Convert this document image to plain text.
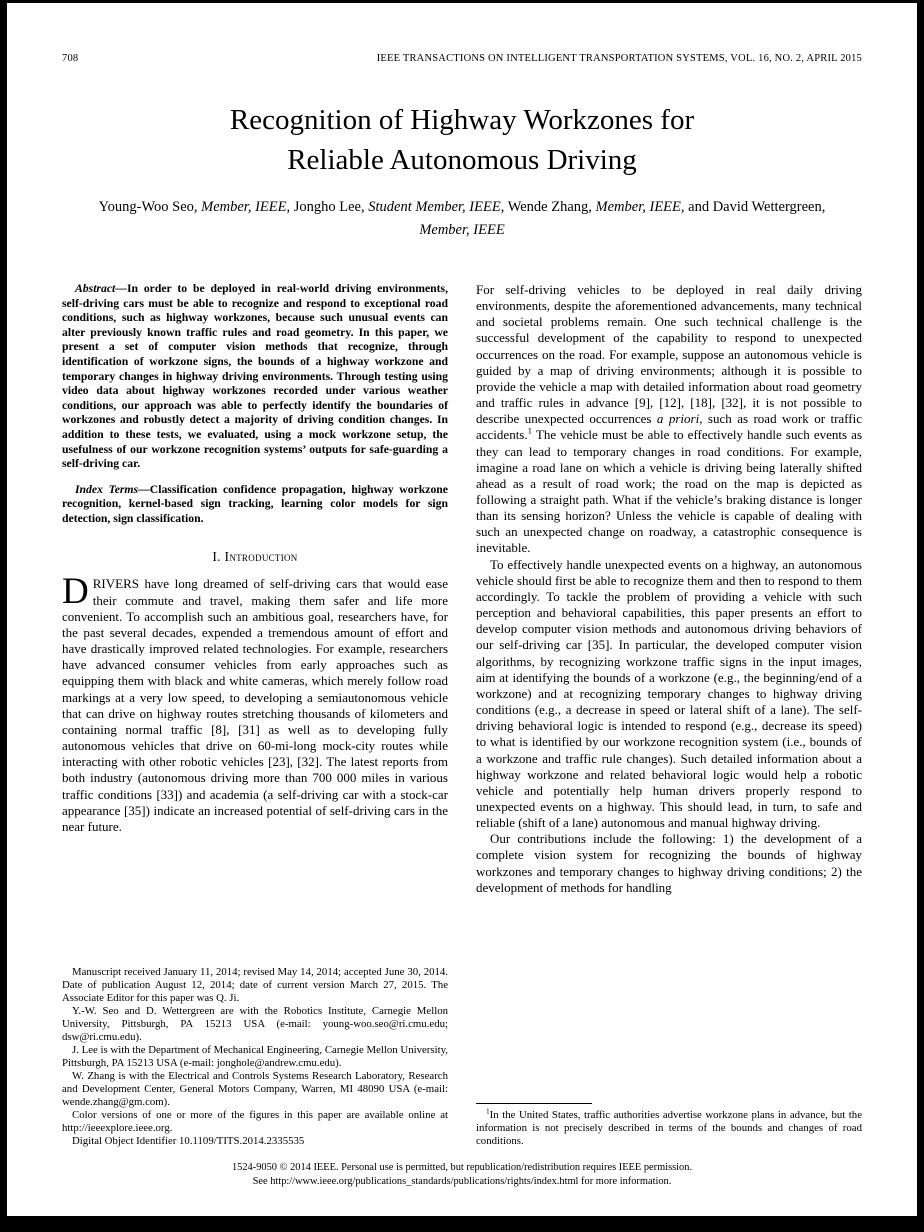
708	IEEE TRANSACTIONS ON INTELLIGENT TRANSPORTATION SYSTEMS, VOL. 16, NO. 2, APRIL 2015
Recognition of Highway Workzones for
Reliable Autonomous Driving
Young-Woo Seo, Member, IEEE, Jongho Lee, Student Member, IEEE, Wende Zhang, Member, IEEE, and David Wettergreen, Member, IEEE

Abstract—In order to be deployed in real-world driving environments, self-driving cars must be able to recognize and respond to exceptional road conditions, such as highway workzones, because such unusual events can alter previously known traffic rules and road geometry. In this paper, we present a set of computer vision methods that recognize, through identification of workzone signs, the bounds of a highway workzone and temporary changes in highway driving environments. Through testing using video data about highway workzones recorded under various weather conditions, our approach was able to perfectly identify the boundaries of workzones and robustly detect a majority of driving condition changes. In addition to these tests, we evaluated, using a mock workzone setup, the usefulness of our workzone recognition systems’ outputs for safe-guarding a self-driving car.

Index Terms—Classification confidence propagation, highway workzone recognition, kernel-based sign tracking, learning color models for sign detection, sign classification.

I. Introduction

DRIVERS have long dreamed of self-driving cars that would ease their commute and travel, making them safer and life more convenient. To accomplish such an ambitious goal, researchers have, for the past several decades, expended a tremendous amount of effort and have drastically improved related technologies. For example, researchers have advanced consumer vehicles from early approaches such as equipping them with black and white cameras, which merely follow road markings at a very low speed, to developing a semiautonomous vehicle that can drive on highway routes stretching thousands of kilometers and containing normal traffic [8], [31] as well as to developing fully autonomous vehicles that drive on 60-mi-long mock-city routes while interacting with other robotic vehicles [23], [32]. The latest reports from both industry (autonomous driving more than 700 000 miles in various traffic conditions [33]) and academia (a self-driving car with a stock-car appearance [35]) indicate an increased potential of self-driving cars in the near future.

Manuscript received January 11, 2014; revised May 14, 2014; accepted June 30, 2014. Date of publication August 12, 2014; date of current version March 27, 2015. The Associate Editor for this paper was Q. Ji.

Y.-W. Seo and D. Wettergreen are with the Robotics Institute, Carnegie Mellon University, Pittsburgh, PA 15213 USA (e-mail: young-woo.seo@ri.cmu.edu; dsw@ri.cmu.edu).

J. Lee is with the Department of Mechanical Engineering, Carnegie Mellon University, Pittsburgh, PA 15213 USA (e-mail: jonghole@andrew.cmu.edu).

W. Zhang is with the Electrical and Controls Systems Research Laboratory, Research and Development Center, General Motors Company, Warren, MI 48090 USA (e-mail: wende.zhang@gm.com).

Color versions of one or more of the figures in this paper are available online at http://ieeexplore.ieee.org.

Digital Object Identifier 10.1109/TITS.2014.2335535

For self-driving vehicles to be deployed in real daily driving environments, despite the aforementioned advancements, many technical and societal problems remain. One such technical challenge is the successful development of the capability to respond to unexpected occurrences on the road. For example, suppose an autonomous vehicle is guided by a map of driving environments; although it is possible to provide the vehicle a map with detailed information about road geometry and traffic rules in advance [9], [12], [18], [32], it is not possible to describe unexpected occurrences a priori, such as road work or traffic accidents.$^1$ The vehicle must be able to effectively handle such events as they can lead to temporary changes in road conditions. For example, imagine a road lane on which a vehicle is driving being laterally shifted ahead as a result of road work; the road on the map is depicted as following a straight path. What if the vehicle’s braking distance is longer than its sensing horizon? Unless the vehicle is capable of dealing with such an unexpected change on roadway, a catastrophic consequence is inevitable.

To effectively handle unexpected events on a highway, an autonomous vehicle should first be able to recognize them and then to respond to them accordingly. To tackle the problem of providing a vehicle with such perception and behavioral capabilities, this paper presents an effort to develop computer vision methods and autonomous driving behaviors of our self-driving car [35]. In particular, the developed computer vision algorithms, by recognizing workzone traffic signs in the input images, aim at identifying the bounds of a workzone (e.g., the beginning/end of a workzone) and at recognizing temporary changes to highway driving conditions (e.g., a decrease in speed or lateral shift of a lane). The self-driving behavioral logic is intended to respond (e.g., decrease its speed) to what is identified by our workzone recognition system (i.e., bounds of a workzone and traffic rule changes). Such detailed information about a highway workzone and related behavioral logic would help a robotic vehicle and potentially help human drivers properly respond to unexpected events on a highway. This should lead, in turn, to safe and reliable (shift of a lane) autonomous and manual highway driving.

Our contributions include the following: 1) the development of a complete vision system for recognizing the bounds of highway workzones and temporary changes to highway driving conditions; 2) the development of methods for handling

$^1$In the United States, traffic authorities advertise workzone plans in advance, but the information is not precisely described in terms of the bounds and changes of road conditions.

1524-9050 © 2014 IEEE. Personal use is permitted, but republication/redistribution requires IEEE permission.
See http://www.ieee.org/publications_standards/publications/rights/index.html for more information.
